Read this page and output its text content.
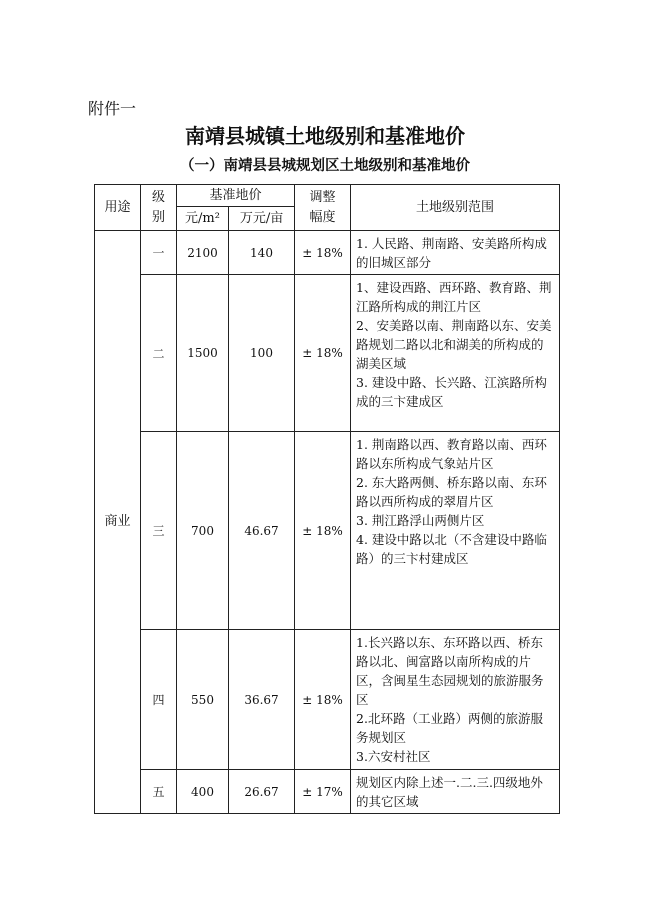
附件一
南靖县城镇土地级别和基准地价
（一）南靖县县城规划区土地级别和基准地价
用途	级别	基准地价		调整幅度	土地级别范围
		元/m²	万元/亩		
商业	一	2100	140	± 18%	1. 人民路、荆南路、安美路所构成的旧城区部分

	二	1500	100	± 18%	1、建设西路、西环路、教育路、荆江路所构成的荆江片区
2、安美路以南、荆南路以东、安美路规划二路以北和湖美的所构成的湖美区域
3. 建设中路、长兴路、江滨路所构成的三卞建成区

	三	700	46.67	± 18%	1. 荆南路以西、教育路以南、西环路以东所构成气象站片区
2. 东大路两侧、桥东路以南、东环路以西所构成的翠眉片区
3. 荆江路浮山两侧片区
4. 建设中路以北（不含建设中路临路）的三卞村建成区

	四	550	36.67	± 18%	1.长兴路以东、东环路以西、桥东路以北、闽富路以南所构成的片区，含闽星生态园规划的旅游服务区
2.北环路（工业路）两侧的旅游服务规划区
3.六安村社区

	五	400	26.67	± 17%	规划区内除上述一.二.三.四级地外的其它区域
